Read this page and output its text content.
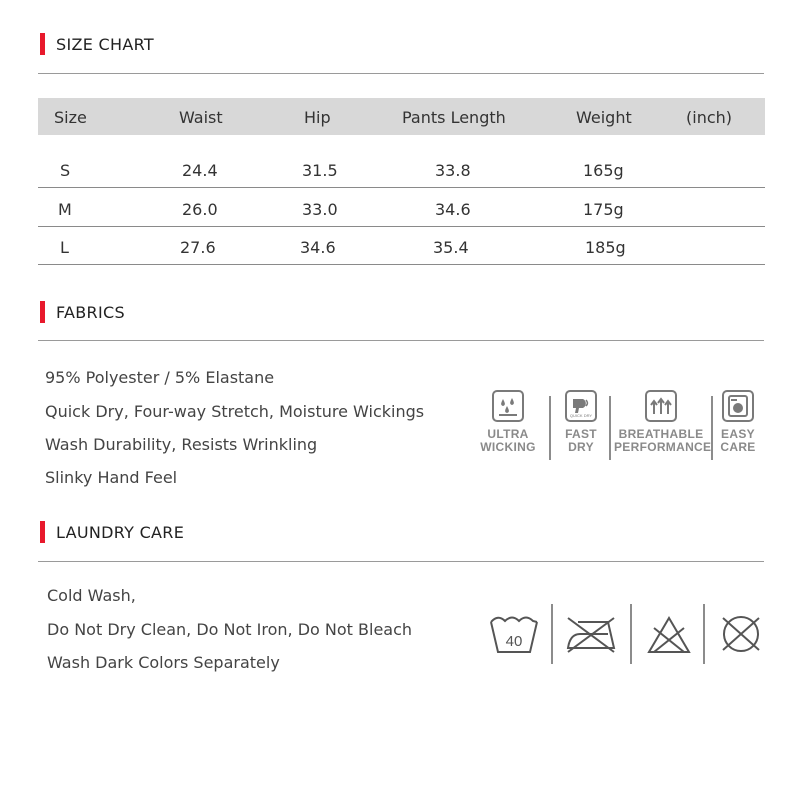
SIZE CHART
Size	Waist	Hip	Pants Length	Weight	(inch)
S	24.4	31.5	33.8	165g
M	26.0	33.0	34.6	175g
L	27.6	34.6	35.4	185g
FABRICS
95% Polyester / 5% Elastane
Quick Dry, Four-way Stretch, Moisture Wickings
Wash Durability, Resists Wrinkling
Slinky Hand Feel
ULTRA
WICKING
QUICK DRY
FAST
DRY
BREATHABLE
PERFORMANCE
EASY
CARE
LAUNDRY CARE
Cold Wash,
Do Not Dry Clean, Do Not Iron, Do Not Bleach
Wash Dark Colors Separately
40
